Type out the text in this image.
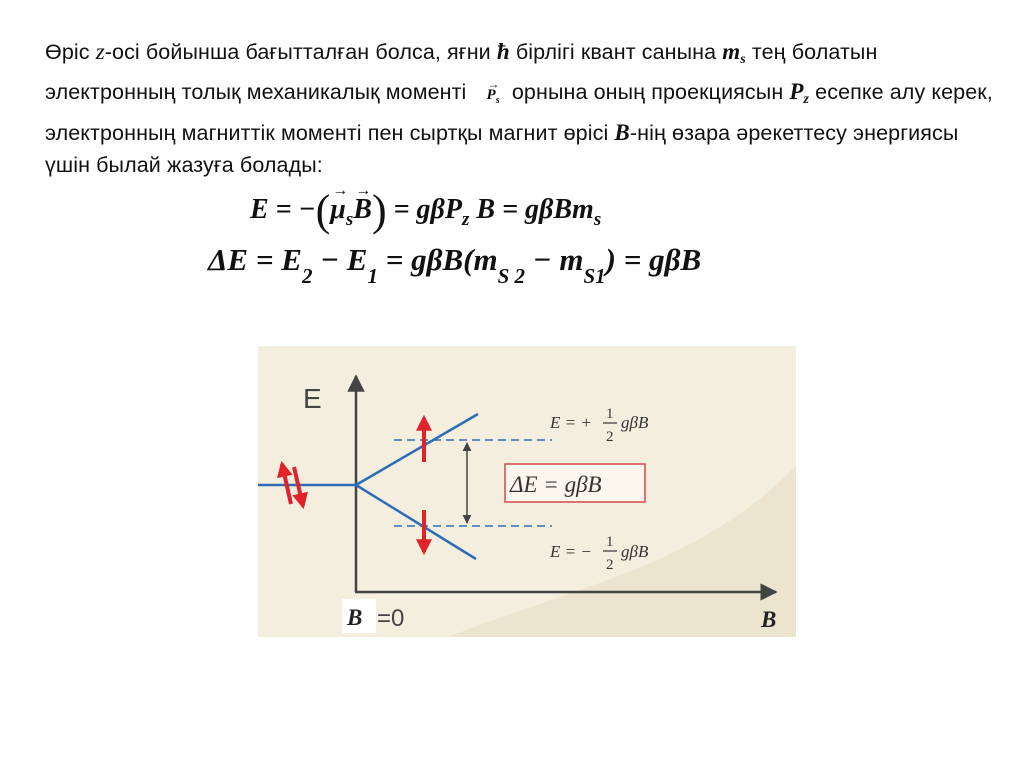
Өріс z-осі бойынша бағытталған болса, яғни ħ бірлігі квант санына $m_s$ тең болатын электронның толық механикалық моменті →
$P_s$ орнына оның проекциясын $P_z$ есепке алу керек, электронның магниттік моменті пен сыртқы магнит өрісі B-нің өзара әрекеттесу энергиясы үшін былай жазуға болады:
E = −( →
$\mu_s$
→
B) = gβP$_z$ B = gβBm$_s$
$\Delta E = E_2 - E_1 = g\beta B(m_{S 2} - m_{S1}) = g\beta B$
E
E = + 1
2
gβB
ΔE = gβB
E = − 1
2
gβB
B =0	B
